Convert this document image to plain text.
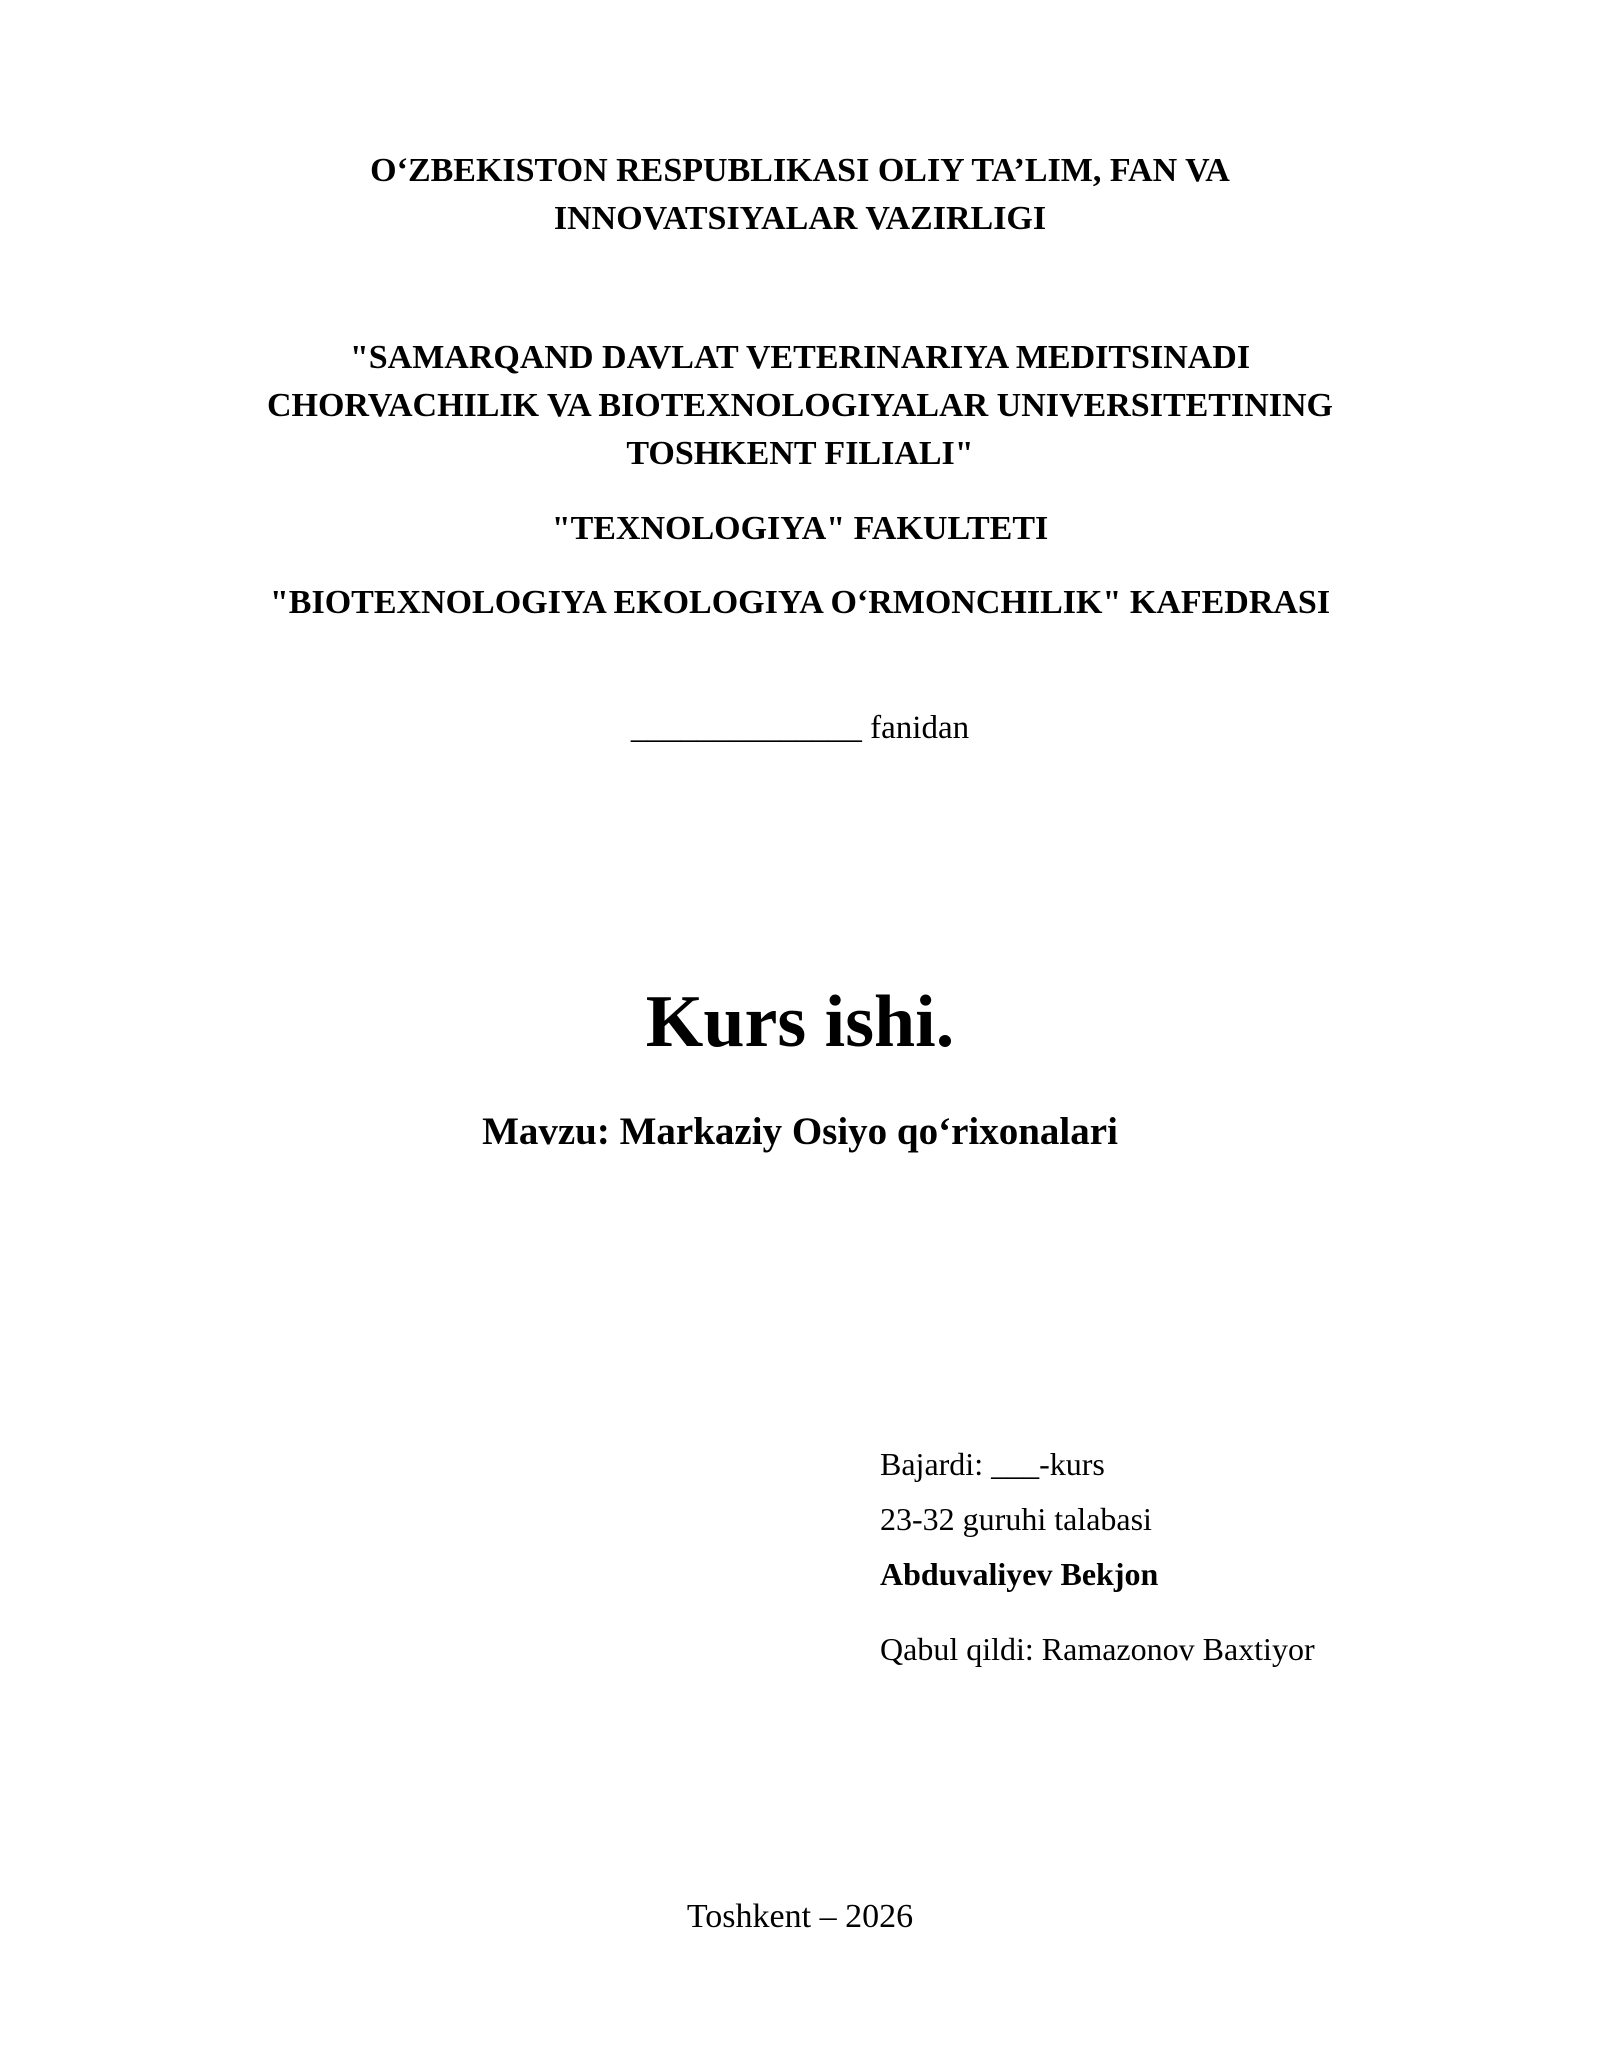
O‘ZBEKISTON RESPUBLIKASI OLIY TA’LIM, FAN VA
INNOVATSIYALAR VAZIRLIGI
"SAMARQAND DAVLAT VETERINARIYA MEDITSINADI
CHORVACHILIK VA BIOTEXNOLOGIYALAR UNIVERSITETINING
TOSHKENT FILIALI"
"TEXNOLOGIYA" FAKULTETI
"BIOTEXNOLOGIYA EKOLOGIYA O‘RMONCHILIK" KAFEDRASI
______________ fanidan
Kurs ishi.
Mavzu: Markaziy Osiyo qo‘rixonalari
Bajardi: ___-kurs
23-32 guruhi talabasi
Abduvaliyev Bekjon
Qabul qildi: Ramazonov Baxtiyor
Toshkent – 2026
